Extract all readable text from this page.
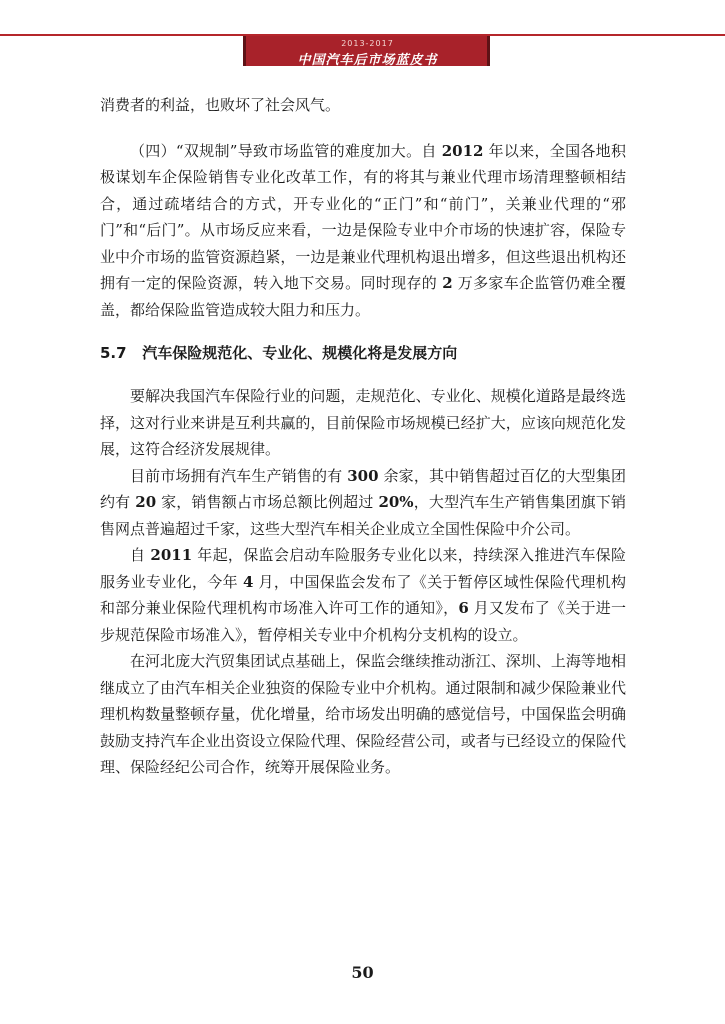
2013-2017
中国汽车后市场蓝皮书

消费者的利益，也败坏了社会风气。

（四）“双规制”导致市场监管的难度加大。自 2012 年以来，全国各地积极谋划车企保险销售专业化改革工作，有的将其与兼业代理市场清理整顿相结合，通过疏堵结合的方式，开专业化的“正门”和“前门”，关兼业代理的“邪门”和“后门”。从市场反应来看，一边是保险专业中介市场的快速扩容，保险专业中介市场的监管资源趋紧，一边是兼业代理机构退出增多，但这些退出机构还拥有一定的保险资源，转入地下交易。同时现存的 2 万多家车企监管仍难全覆盖，都给保险监管造成较大阻力和压力。

5.7 汽车保险规范化、专业化、规模化将是发展方向

要解决我国汽车保险行业的问题，走规范化、专业化、规模化道路是最终选择，这对行业来讲是互利共赢的，目前保险市场规模已经扩大，应该向规范化发展，这符合经济发展规律。

目前市场拥有汽车生产销售的有 300 余家，其中销售超过百亿的大型集团约有 20 家，销售额占市场总额比例超过 20%，大型汽车生产销售集团旗下销售网点普遍超过千家，这些大型汽车相关企业成立全国性保险中介公司。

自 2011 年起，保监会启动车险服务专业化以来，持续深入推进汽车保险服务业专业化，今年 4 月，中国保监会发布了《关于暂停区域性保险代理机构和部分兼业保险代理机构市场准入许可工作的通知》，6 月又发布了《关于进一步规范保险市场准入》，暂停相关专业中介机构分支机构的设立。

在河北庞大汽贸集团试点基础上，保监会继续推动浙江、深圳、上海等地相继成立了由汽车相关企业独资的保险专业中介机构。通过限制和减少保险兼业代理机构数量整顿存量，优化增量，给市场发出明确的感觉信号，中国保监会明确鼓励支持汽车企业出资设立保险代理、保险经营公司，或者与已经设立的保险代理、保险经纪公司合作，统筹开展保险业务。

50
